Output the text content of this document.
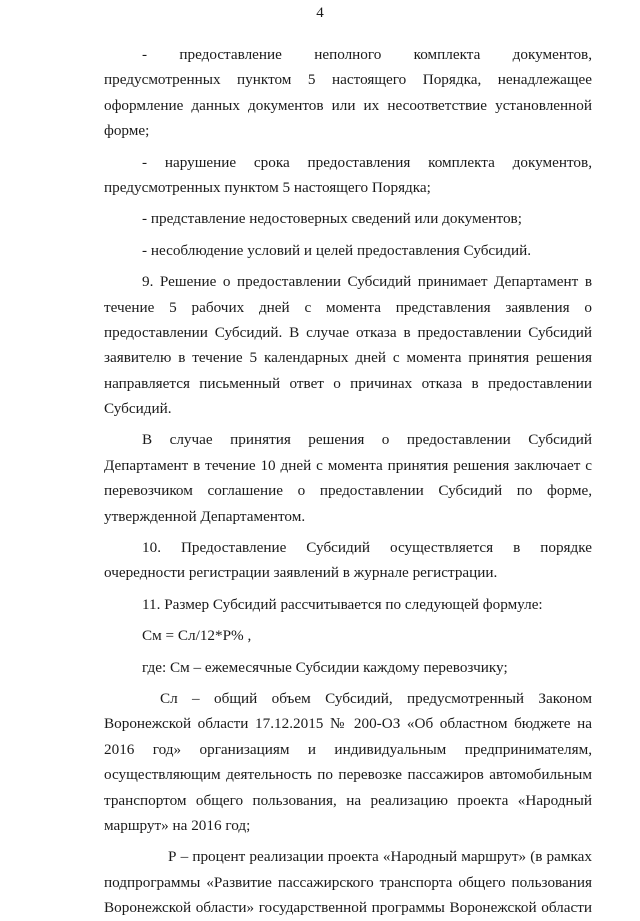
4
- предоставление неполного комплекта документов,
предусмотренных пунктом 5 настоящего Порядка, ненадлежащее
оформление данных документов или их несоответствие установленной
форме;
- нарушение срока предоставления комплекта документов,
предусмотренных пунктом 5 настоящего Порядка;
- представление недостоверных сведений или документов;
- несоблюдение условий и целей предоставления Субсидий.
9. Решение о предоставлении Субсидий принимает Департамент в
течение 5 рабочих дней с момента представления заявления о
предоставлении Субсидий. В случае отказа в предоставлении Субсидий
заявителю в течение 5 календарных дней с момента принятия решения
направляется письменный ответ о причинах отказа в предоставлении
Субсидий.
В случае принятия решения о предоставлении Субсидий
Департамент в течение 10 дней с момента принятия решения заключает с
перевозчиком соглашение о предоставлении Субсидий по форме,
утвержденной Департаментом.
10. Предоставление Субсидий осуществляется в порядке
очередности регистрации заявлений в журнале регистрации.
11. Размер Субсидий рассчитывается по следующей формуле:
См = Сл/12*Р% ,
где: См – ежемесячные Субсидии каждому перевозчику;
Сл – общий объем Субсидий, предусмотренный Законом
Воронежской области 17.12.2015 № 200-ОЗ «Об областном бюджете на
2016 год» организациям и индивидуальным предпринимателям,
осуществляющим деятельность по перевозке пассажиров автомобильным
транспортом общего пользования, на реализацию проекта «Народный
маршрут» на 2016 год;
Р – процент реализации проекта «Народный маршрут» (в рамках
подпрограммы «Развитие пассажирского транспорта общего пользования
Воронежской области» государственной программы Воронежской области
